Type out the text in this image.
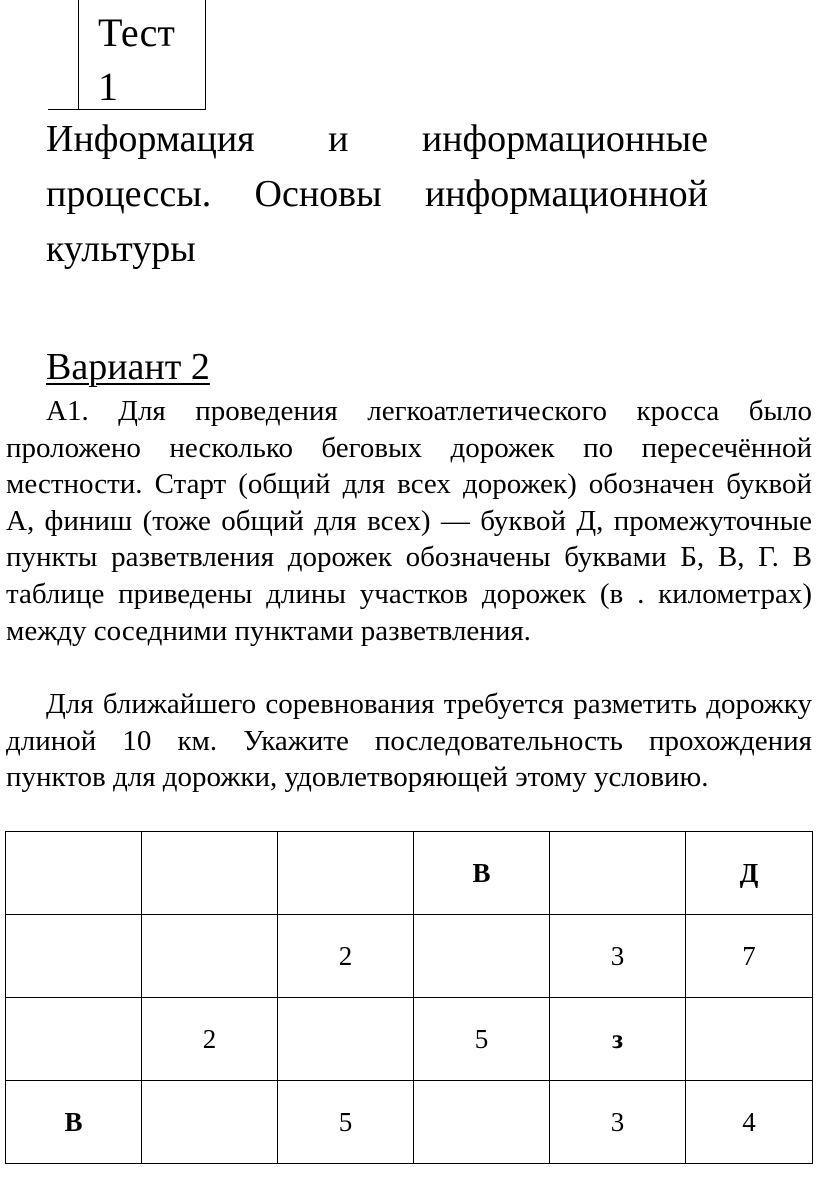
Тест 1
Информация и информационные процессы. Основы информационной культуры
Вариант 2

А1. Для проведения легкоатлетического кросса было проложено несколько беговых дорожек по пересечённой местности. Старт (общий для всех дорожек) обозначен буквой А, финиш (тоже общий для всех) — буквой Д, промежуточные пункты разветвления дорожек обозначены буквами Б, В, Г. В таблице приведены длины участков дорожек (в . километрах) между соседними пунктами разветвления.

Для ближайшего соревнования требуется разметить дорожку длиной 10 км. Укажите последовательность прохождения пунктов для дорожки, удовлетворяющей этому условию.

			В		Д
		2		3	7
	2		5	з	
В		5		3	4
